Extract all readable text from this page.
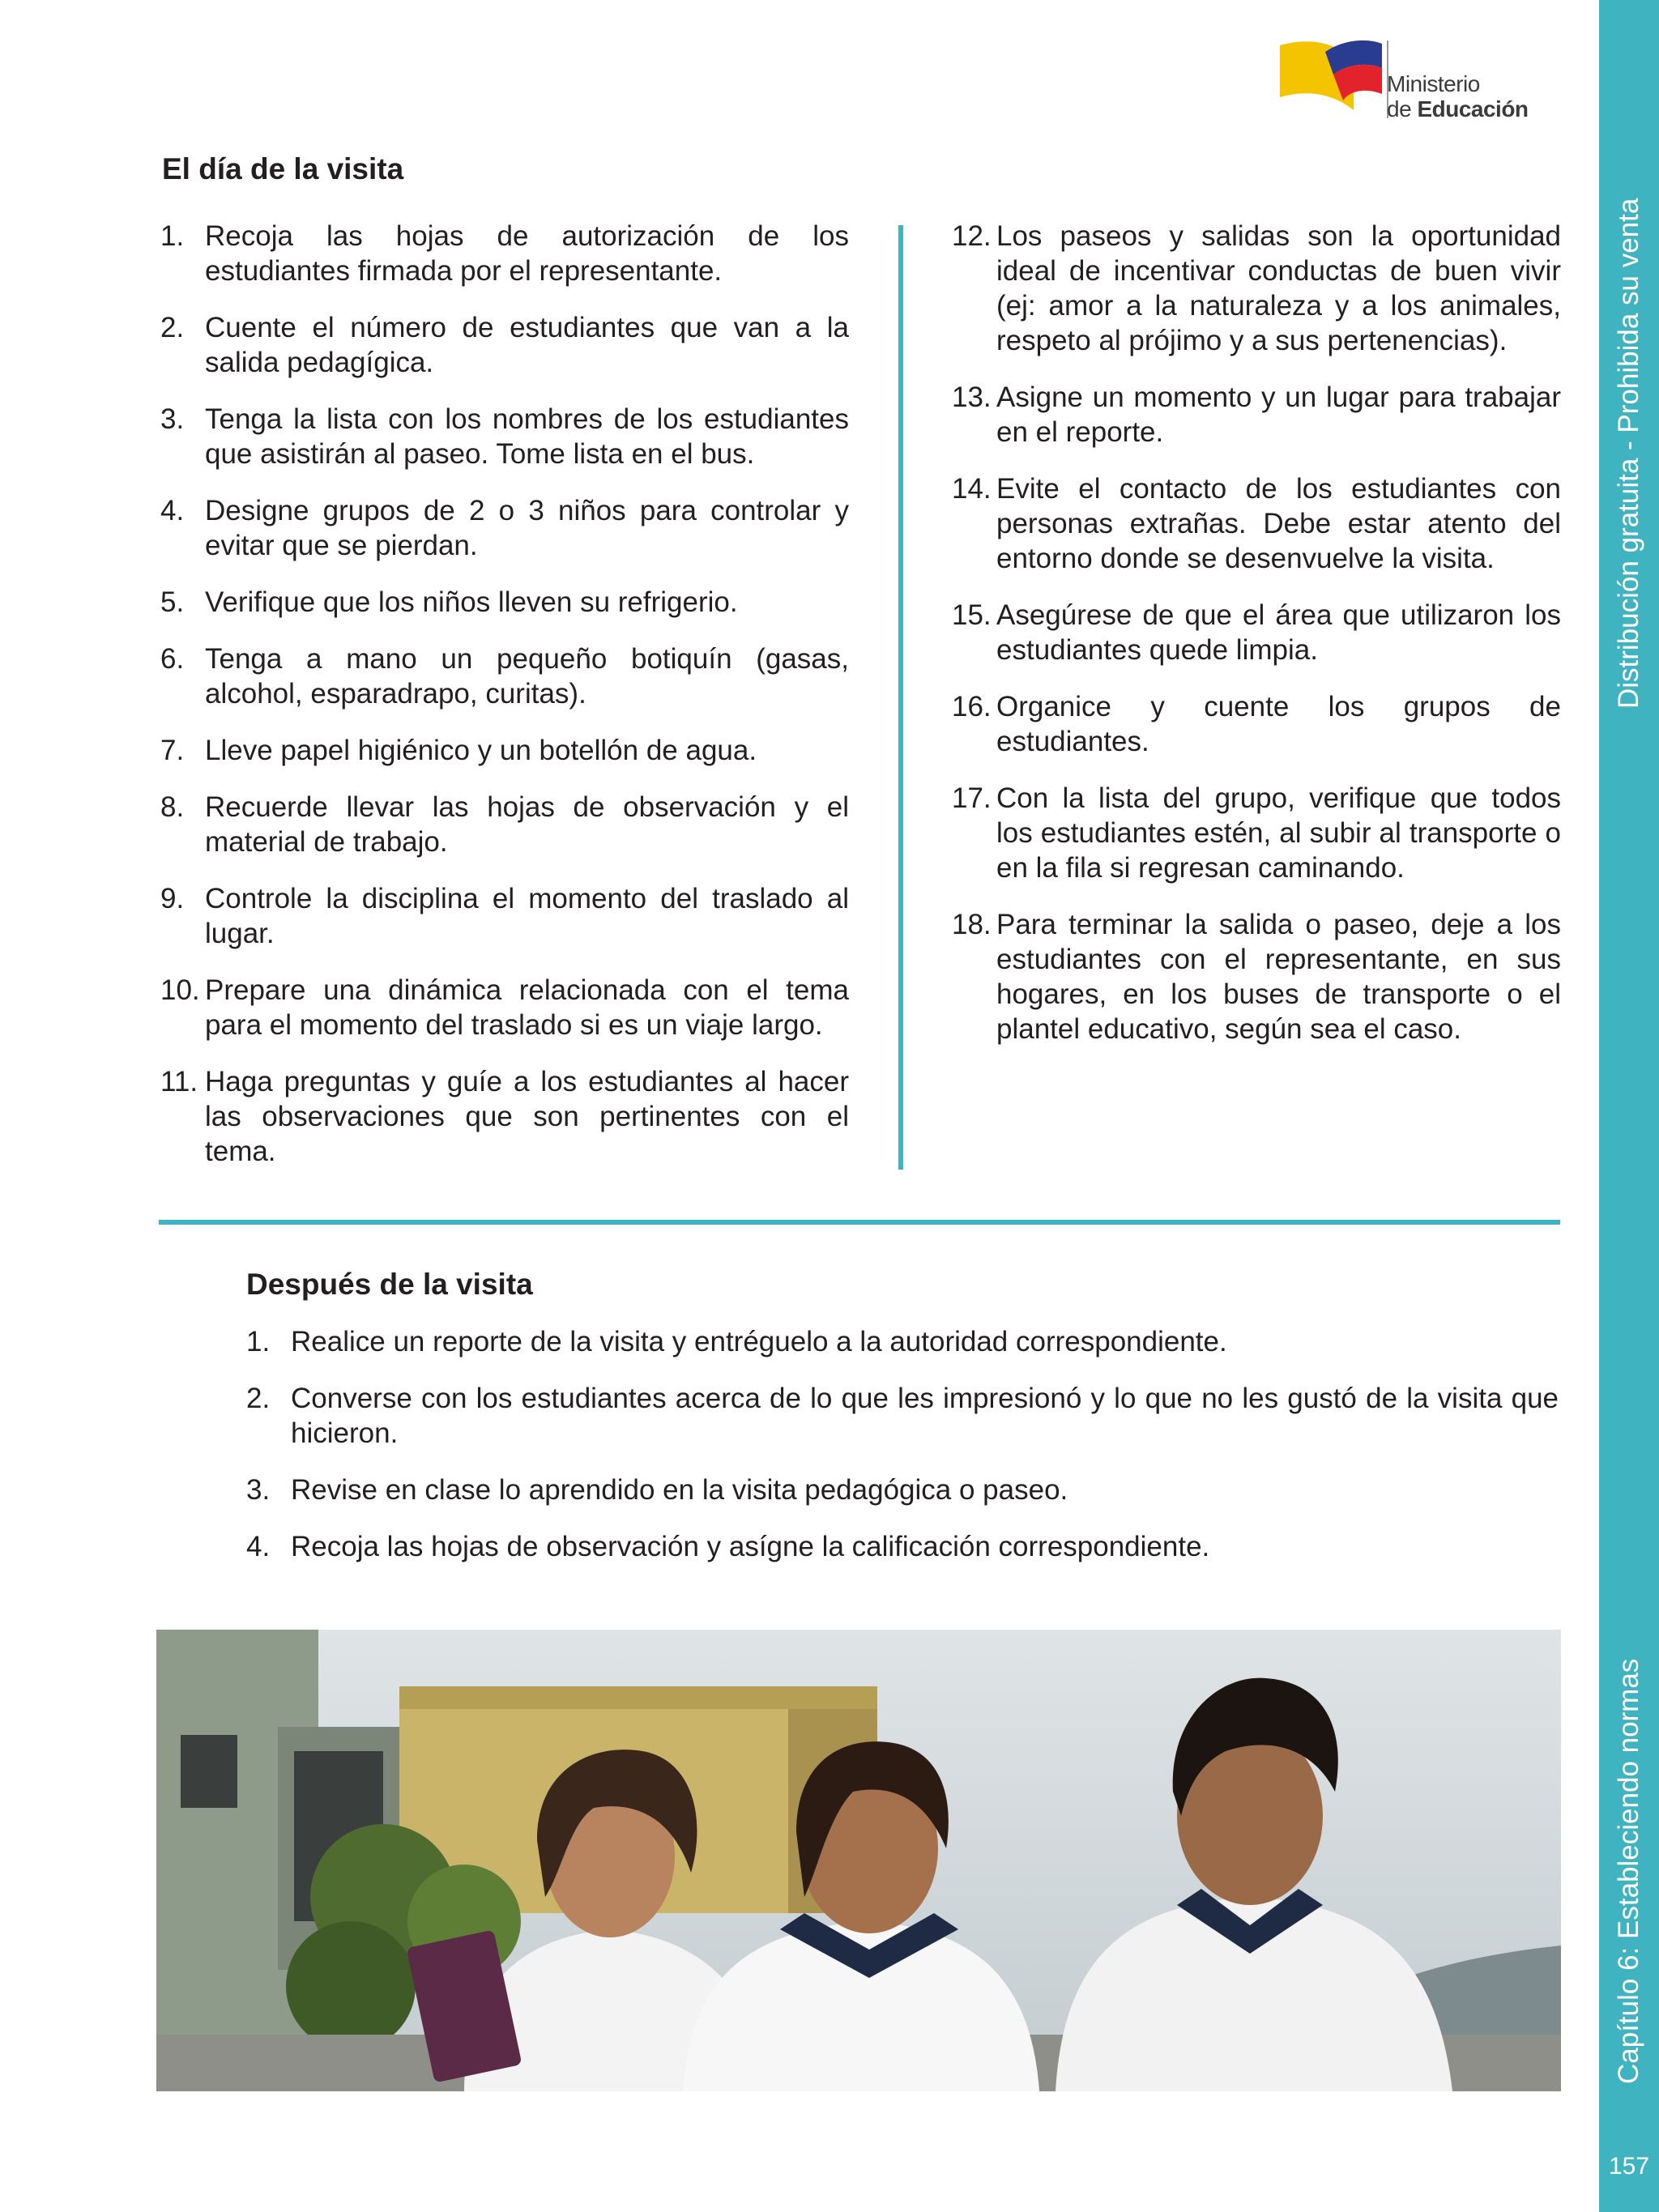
Distribución gratuita - Prohibida su venta
Capítulo 6: Estableciendo normas
157
Ministerio
de Educación
El día de la visita
1. Recoja las hojas de autorización de los estudiantes firmada por el representante.
2. Cuente el número de estudiantes que van a la salida pedagígica.
3. Tenga la lista con los nombres de los estudiantes que asistirán al paseo. Tome lista en el bus.
4. Designe grupos de 2 o 3 niños para controlar y evitar que se pierdan.
5. Verifique que los niños lleven su refrigerio.
6. Tenga a mano un pequeño botiquín (gasas, alcohol, esparadrapo, curitas).
7. Lleve papel higiénico y un botellón de agua.
8. Recuerde llevar las hojas de observación y el material de trabajo.
9. Controle la disciplina el momento del traslado al lugar.
10. Prepare una dinámica relacionada con el tema para el momento del traslado si es un viaje largo.
11. Haga preguntas y guíe a los estudiantes al hacer las observaciones que son pertinentes con el tema.
12. Los paseos y salidas son la oportunidad ideal de incentivar conductas de buen vivir (ej: amor a la naturaleza y a los animales, respeto al prójimo y a sus pertenencias).
13. Asigne un momento y un lugar para trabajar en el reporte.
14. Evite el contacto de los estudiantes con personas extrañas. Debe estar atento del entorno donde se desenvuelve la visita.
15. Asegúrese de que el área que utilizaron los estudiantes quede limpia.
16. Organice y cuente los grupos de estudiantes.
17. Con la lista del grupo, verifique que todos los estudiantes estén, al subir al transporte o en la fila si regresan caminando.
18. Para terminar la salida o paseo, deje a los estudiantes con el representante, en sus hogares, en los buses de transporte o el plantel educativo, según sea el caso.
Después de la visita
1. Realice un reporte de la visita y entréguelo a la autoridad correspondiente.
2. Converse con los estudiantes acerca de lo que les impresionó y lo que no les gustó de la visita que hicieron.
3. Revise en clase lo aprendido en la visita pedagógica o paseo.
4. Recoja las hojas de observación y asígne la calificación correspondiente.
